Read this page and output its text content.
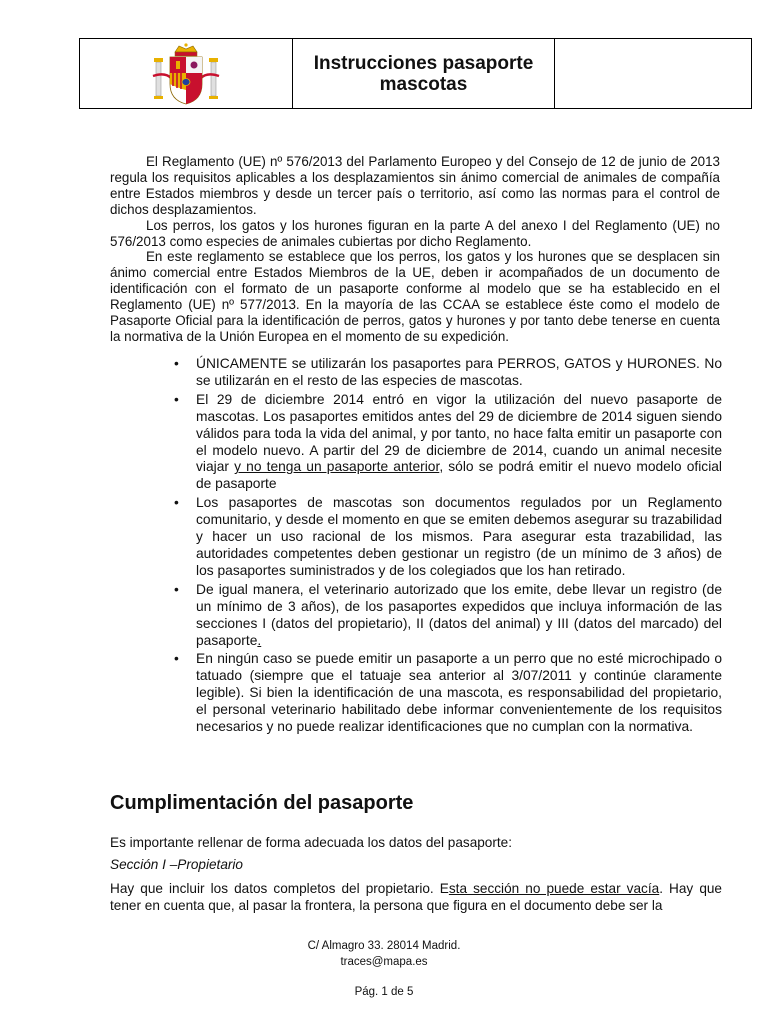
Instrucciones pasaporte mascotas

El Reglamento (UE) nº 576/2013 del Parlamento Europeo y del Consejo de 12 de junio de 2013 regula los requisitos aplicables a los desplazamientos sin ánimo comercial de animales de compañía entre Estados miembros y desde un tercer país o territorio, así como las normas para el control de dichos desplazamientos.

Los perros, los gatos y los hurones figuran en la parte A del anexo I del Reglamento (UE) no 576/2013 como especies de animales cubiertas por dicho Reglamento.

En este reglamento se establece que los perros, los gatos y los hurones que se desplacen sin ánimo comercial entre Estados Miembros de la UE, deben ir acompañados de un documento de identificación con el formato de un pasaporte conforme al modelo que se ha establecido en el Reglamento (UE) nº 577/2013. En la mayoría de las CCAA se establece éste como el modelo de Pasaporte Oficial para la identificación de perros, gatos y hurones y por tanto debe tenerse en cuenta la normativa de la Unión Europea en el momento de su expedición.

• ÚNICAMENTE se utilizarán los pasaportes para PERROS, GATOS y HURONES. No se utilizarán en el resto de las especies de mascotas.
• El 29 de diciembre 2014 entró en vigor la utilización del nuevo pasaporte de mascotas. Los pasaportes emitidos antes del 29 de diciembre de 2014 siguen siendo válidos para toda la vida del animal, y por tanto, no hace falta emitir un pasaporte con el modelo nuevo. A partir del 29 de diciembre de 2014, cuando un animal necesite viajar y no tenga un pasaporte anterior, sólo se podrá emitir el nuevo modelo oficial de pasaporte
• Los pasaportes de mascotas son documentos regulados por un Reglamento comunitario, y desde el momento en que se emiten debemos asegurar su trazabilidad y hacer un uso racional de los mismos. Para asegurar esta trazabilidad, las autoridades competentes deben gestionar un registro (de un mínimo de 3 años) de los pasaportes suministrados y de los colegiados que los han retirado.
• De igual manera, el veterinario autorizado que los emite, debe llevar un registro (de un mínimo de 3 años), de los pasaportes expedidos que incluya información de las secciones I (datos del propietario), II (datos del animal) y III (datos del marcado) del pasaporte.
• En ningún caso se puede emitir un pasaporte a un perro que no esté microchipado o tatuado (siempre que el tatuaje sea anterior al 3/07/2011 y continúe claramente legible). Si bien la identificación de una mascota, es responsabilidad del propietario, el personal veterinario habilitado debe informar convenientemente de los requisitos necesarios y no puede realizar identificaciones que no cumplan con la normativa.
Cumplimentación del pasaporte

Es importante rellenar de forma adecuada los datos del pasaporte:

Sección I –Propietario

Hay que incluir los datos completos del propietario. Esta sección no puede estar vacía. Hay que tener en cuenta que, al pasar la frontera, la persona que figura en el documento debe ser la

C/ Almagro 33. 28014 Madrid.
traces@mapa.es
Pág. 1 de 5
